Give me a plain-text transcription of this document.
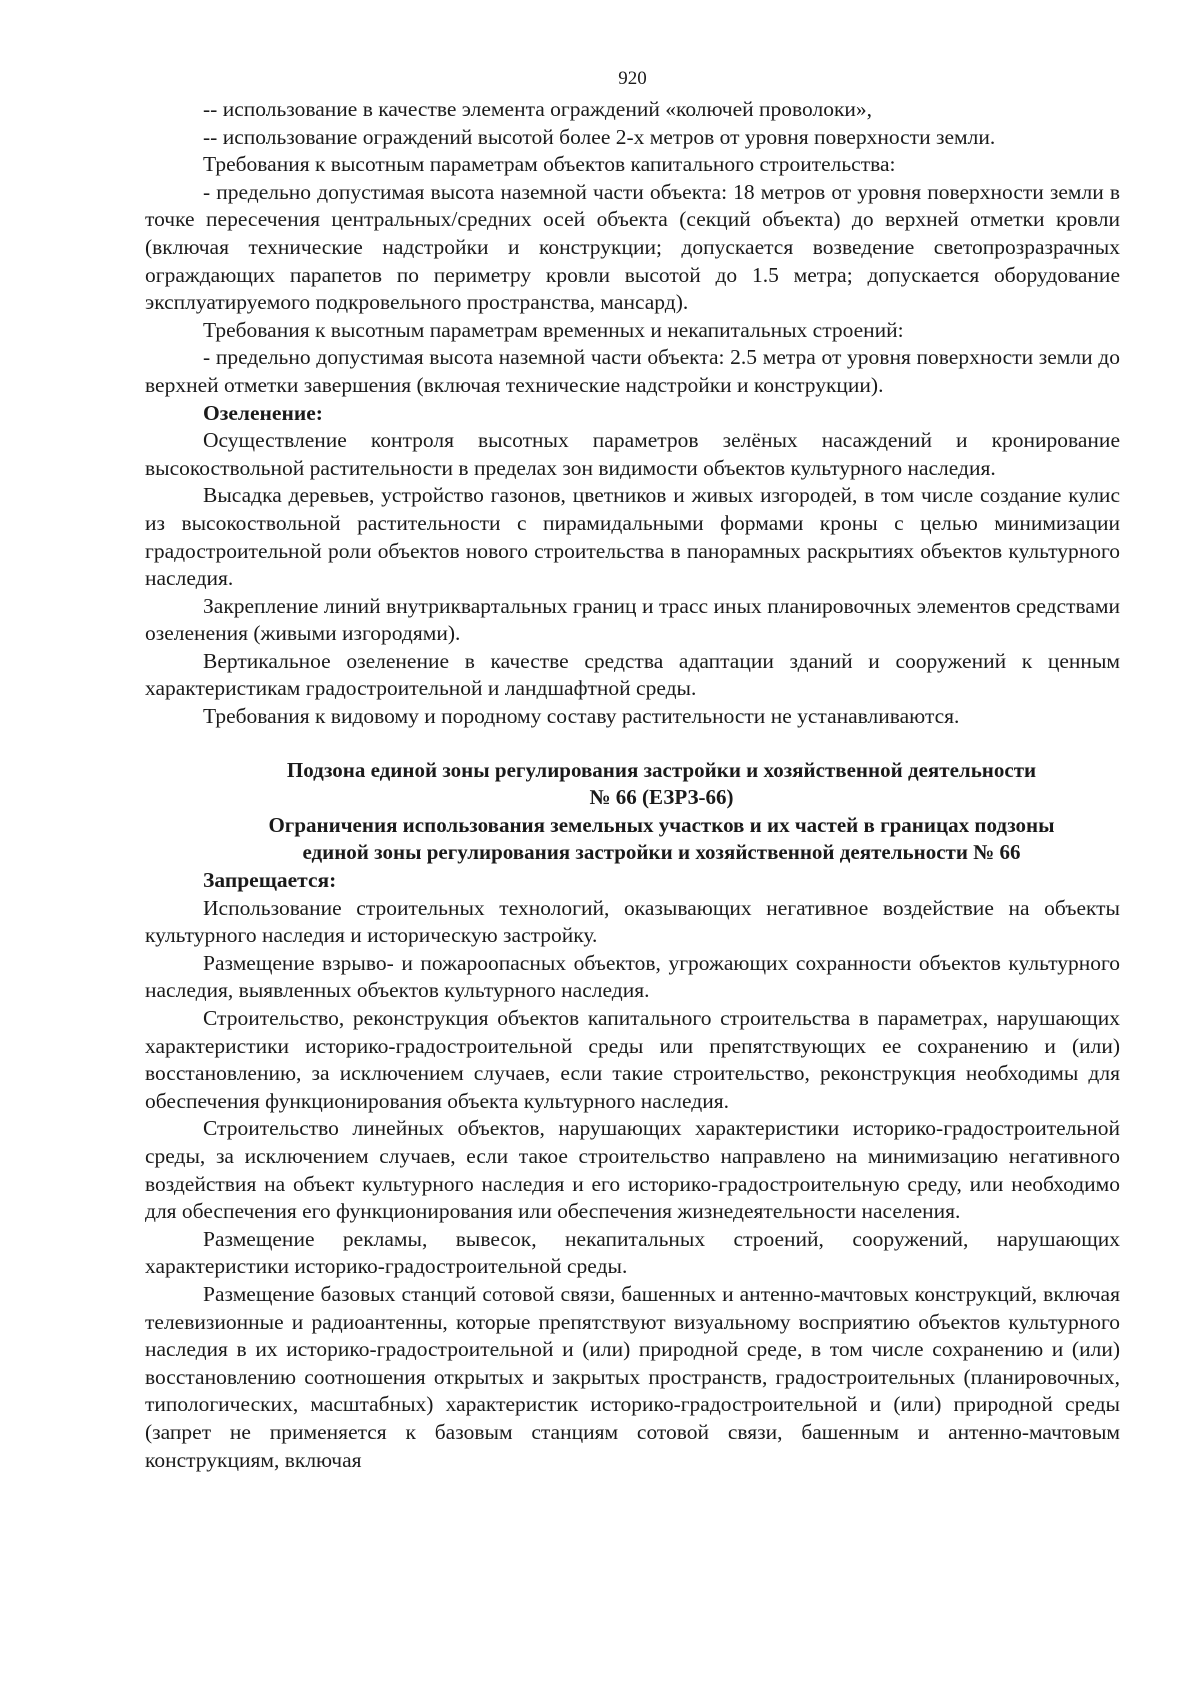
920

-- использование в качестве элемента ограждений «колючей проволоки»,

-- использование ограждений высотой более 2-х метров от уровня поверхности земли.

Требования к высотным параметрам объектов капитального строительства:

- предельно допустимая высота наземной части объекта: 18 метров от уровня поверхности земли в точке пересечения центральных/средних осей объекта (секций объекта) до верхней отметки кровли (включая технические надстройки и конструкции; допускается возведение светопрозразрачных ограждающих парапетов по периметру кровли высотой до 1.5 метра; допускается оборудование эксплуатируемого подкровельного пространства, мансард).

Требования к высотным параметрам временных и некапитальных строений:

- предельно допустимая высота наземной части объекта: 2.5 метра от уровня поверхности земли до верхней отметки завершения (включая технические надстройки и конструкции).

Озеленение:

Осуществление контроля высотных параметров зелёных насаждений и кронирование высокоствольной растительности в пределах зон видимости объектов культурного наследия.

Высадка деревьев, устройство газонов, цветников и живых изгородей, в том числе создание кулис из высокоствольной растительности с пирамидальными формами кроны с целью минимизации градостроительной роли объектов нового строительства в панорамных раскрытиях объектов культурного наследия.

Закрепление линий внутриквартальных границ и трасс иных планировочных элементов средствами озеленения (живыми изгородями).

Вертикальное озеленение в качестве средства адаптации зданий и сооружений к ценным характеристикам градостроительной и ландшафтной среды.

Требования к видовому и породному составу растительности не устанавливаются.

Подзона единой зоны регулирования застройки и хозяйственной деятельности
№ 66 (ЕЗРЗ-66)
Ограничения использования земельных участков и их частей в границах подзоны
единой зоны регулирования застройки и хозяйственной деятельности № 66
Запрещается:

Использование строительных технологий, оказывающих негативное воздействие на объекты культурного наследия и историческую застройку.

Размещение взрыво- и пожароопасных объектов, угрожающих сохранности объектов культурного наследия, выявленных объектов культурного наследия.

Строительство, реконструкция объектов капитального строительства в параметрах, нарушающих характеристики историко-градостроительной среды или препятствующих ее сохранению и (или) восстановлению, за исключением случаев, если такие строительство, реконструкция необходимы для обеспечения функционирования объекта культурного наследия.

Строительство линейных объектов, нарушающих характеристики историко-градостроительной среды, за исключением случаев, если такое строительство направлено на минимизацию негативного воздействия на объект культурного наследия и его историко-градостроительную среду, или необходимо для обеспечения его функционирования или обеспечения жизнедеятельности населения.

Размещение рекламы, вывесок, некапитальных строений, сооружений, нарушающих характеристики историко-градостроительной среды.

Размещение базовых станций сотовой связи, башенных и антенно-мачтовых конструкций, включая телевизионные и радиоантенны, которые препятствуют визуальному восприятию объектов культурного наследия в их историко-градостроительной и (или) природной среде, в том числе сохранению и (или) восстановлению соотношения открытых и закрытых пространств, градостроительных (планировочных, типологических, масштабных) характеристик историко-градостроительной и (или) природной среды (запрет не применяется к базовым станциям сотовой связи, башенным и антенно-мачтовым конструкциям, включая
